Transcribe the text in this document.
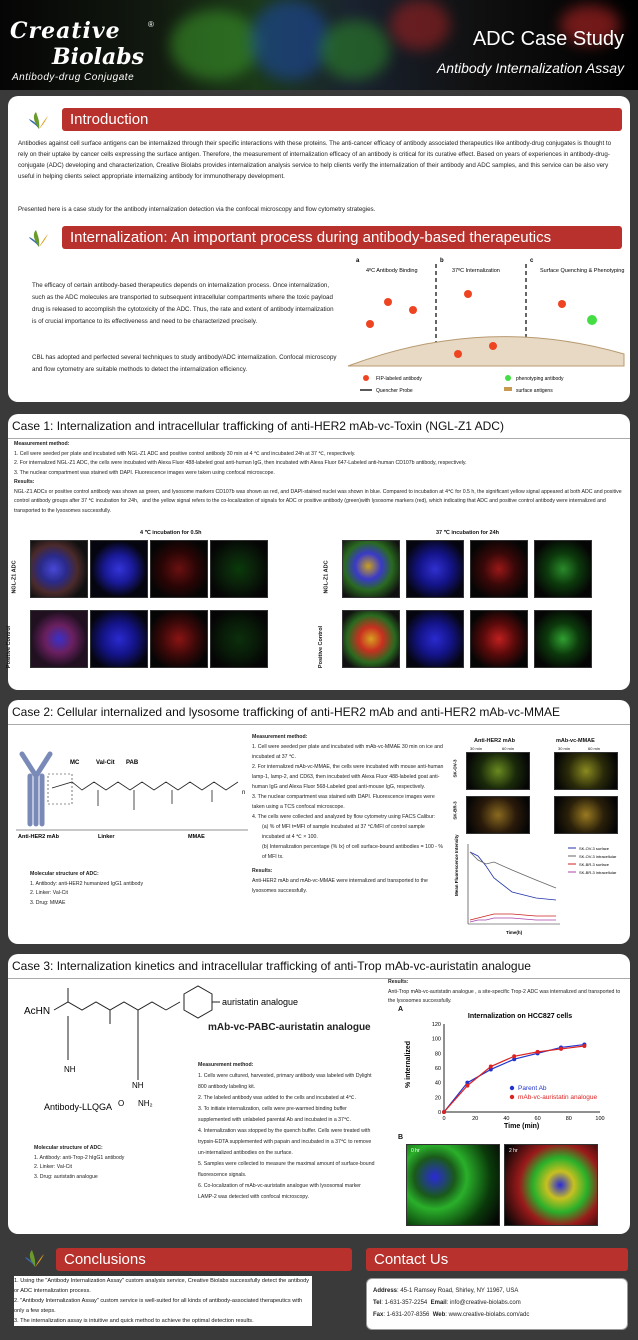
Creative	®
Biolabs
Antibody-drug Conjugate
ADC Case Study
Antibody Internalization Assay
Introduction
Antibodies against cell surface antigens can be internalized through their specific interactions with these proteins. The anti-cancer efficacy of antibody associated therapeutics like antibody-drug conjugates is thought to rely on their uptake by cancer cells expressing the surface antigen. Therefore, the measurement of internalization efficacy of an antibody is critical for its curative effect. Based on years of experiences in antibody-drug-conjugate (ADC) developing and characterization, Creative Biolabs provides internalization analysis service to help clients verify the internalization of their antibody and ADC samples, and this service can be also very useful in helping clients select appropriate internalizing antibody for immunotherapy development.
Presented here is a case study for the antibody internalization detection via the confocal microscopy and flow cytometry strategies.
Internalization: An important process during antibody-based therapeutics
The efficacy of certain antibody-based therapeutics depends on internalization process. Once internalization, such as the ADC molecules are transported to subsequent intracellular compartments where the toxic payload drug is released to accomplish the cytotoxicity of the ADC. Thus, the rate and extent of antibody internalization is of crucial importance to its effectiveness and need to be characterized precisely.
CBL has adopted and perfected several techniques to study antibody/ADC internalization. Confocal microscopy and flow cytometry are suitable methods to detect the internalization efficiency.
a	b	c
4ºC Antibody Binding	37ºC Internalization	Surface Quenching & Phenotyping
FIP-labeled antibody
Quencher Probe
phenotyping antibody
surface antigens
Case 1: Internalization and intracellular trafficking of anti-HER2 mAb-vc-Toxin (NGL-Z1 ADC)
Measurement method:
1. Cell were seeded per plate and incubated with NGL-Z1 ADC and positive control antibody 30 min at 4 ℃ and incubated 24h at 37 ℃, respectively.
2. For internalized NGL-Z1 ADC, the cells were incubated with Alexa Fluor 488-labeled goat anti-human IgG, then incubated with Alexa Fluor 647-Labeled anti-human CD107b antibody, respectively.
3. The nuclear compartment was stained with DAPI. Fluorescence images were taken using confocal microscope.
Results:
NGL-Z1 ADCs or positive control antibody was shown as green, and lysosome markers CD107b was shown as red, and DAPI-stained nuclei was shown in blue. Compared to incubation at 4℃ for 0.5 h, the significant yellow signal appeared at both ADC and positive control antibody groups after 37 ℃ incubation for 24h，and the yellow signal refers to the co-localization of signals for ADC or positive antibody (green)with lysosome markers (red), which indicating that ADC and positive control antibody were internalized and transported to the lysosomes successfully.
4 ℃ incubation for 0.5h	37 ℃ incubation for 24h
NGL-Z1 ADC
Positive Control
NGL-Z1 ADC
Positive Control
Case 2: Cellular internalized and lysosome trafficking of anti-HER2 mAb and anti-HER2 mAb-vc-MMAE
MC	Val-Cit PAB
n
Anti-HER2 mAb	Linker	MMAE
Molecular structure of ADC:
1. Antibody: anti-HER2 humanized IgG1 antibody
2. Linker: Val-Cit
3. Drug: MMAE
Measurement method:
1. Cell were seeded per plate and incubated with mAb-vc-MMAE 30 min on ice and incubated at 37 ℃.
2. For internalized mAb-vc-MMAE, the cells were incubated with mouse anti-human lamp-1, lamp-2, and CD63, then incubated with Alexa Fluor 488-labeled goat anti-human IgG and Alexa Fluor 568-Labeled goat anti-mouse IgG, respectively.
3. The nuclear compartment was stained with DAPI. Fluorescence images were taken using a TCS confocal microscope.
4. The cells were collected and analyzed by flow cytometry using FACS Calibur:
(a) % of MFI t=MFI of sample incubated at 37 ℃/MFI of control sample incubated at 4 ℃ × 100.
(b) Internalization percentage (% Ix) of cell surface-bound antibodies = 100 - % of MFI tx.
Results:
Anti-HER2 mAb and mAb-vc-MMAE were internalized and transported to the lysosomes successfully.
Anti-HER2 mAb	mAb-vc-MMAE
30 min	60 min	30 min	60 min
SK-OV-3
SK-BR-3
Mean Fluorescence Intensity
Time(h)
SK-OV-3 surface
SK-OV-3 intracellular
SK-BR-3 surface
SK-BR-3 intracellular
Case 3: Internalization kinetics and intracellular trafficking of anti-Trop mAb-vc-auristatin analogue
AcHN
auristatin analogue
NH
NH
NH₂
O
Antibody-LLQGA
mAb-vc-PABC-auristatin analogue
Molecular structure of ADC:
1. Antibody: anti-Trop-2 hIgG1 antibody
2. Linker: Val-Cit
3. Drug: auristatin analogue
Measurement method:
1. Cells were cultured, harvested, primary antibody was labeled with Dylight 800 antibody labeling kit.
2. The labeled antibody was added to the cells and incubated at 4℃.
3. To initiate internalization, cells were pre-warmed binding buffer supplemented with unlabeled parental Ab and incubated in a 37℃.
4. Internalization was stopped by the quench buffer. Cells were treated with trypsin-EDTA supplemented with papain and incubated in a 37℃ to remove un-internalized antibodies on the surface.
5. Samples were collected to measure the maximal amount of surface-bound fluorescence signals.
6. Co-localization of mAb-vc-auristatin analogue with lysosomal marker LAMP-2 was detected with confocal microscopy.
Results:
Anti-Trop mAb-vc-auristatin analogue , a site-specific Trop-2 ADC was internalized and transported to the lysosomes successfully.
A
Internalization on HCC827 cells
% internalized
Time (min)
0	20	40	60	80	100
0
20
40
60
80
100
120
Parent Ab
mAb-vc-auristatin analogue
B
0 hr	2 hr
Conclusions
1. Using the "Antibody Internalization Assay" custom analysis service, Creative Biolabs successfully detect the antibody or ADC internalization process.
2. "Antibody Internalization Assay" custom service is well-suited for all kinds of antibody-associated therapeutics with only a few steps.
3. The internalization assay is intuitive and quick method to achieve the optimal detection results.
Contact Us
Address: 45-1 Ramsey Road, Shirley, NY 11967, USA
Tel: 1-631-357-2254 Email: info@creative-biolabs.com
Fax: 1-631-207-8356 Web: www.creative-biolabs.com/adc
